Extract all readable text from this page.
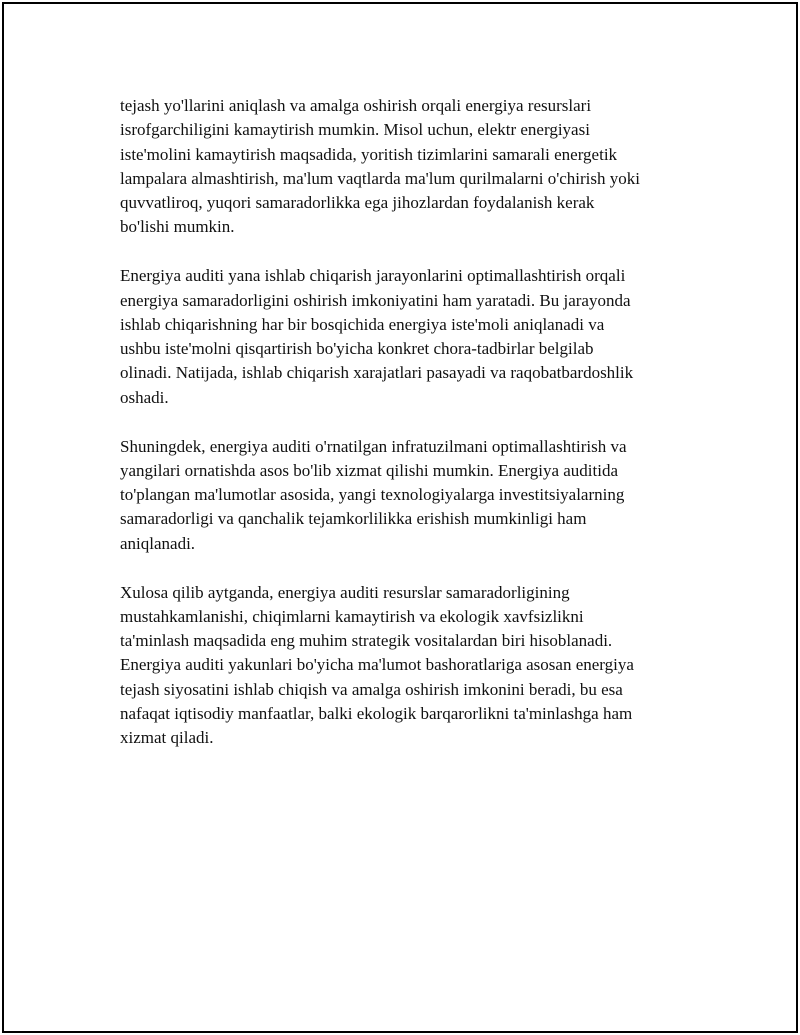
tejash yo'llarini aniqlash va amalga oshirish orqali energiya resurslari
isrofgarchiligini kamaytirish mumkin. Misol uchun, elektr energiyasi
iste'molini kamaytirish maqsadida, yoritish tizimlarini samarali energetik
lampalara almashtirish, ma'lum vaqtlarda ma'lum qurilmalarni o'chirish yoki
quvvatliroq, yuqori samaradorlikka ega jihozlardan foydalanish kerak
bo'lishi mumkin.

Energiya auditi yana ishlab chiqarish jarayonlarini optimallashtirish orqali
energiya samaradorligini oshirish imkoniyatini ham yaratadi. Bu jarayonda
ishlab chiqarishning har bir bosqichida energiya iste'moli aniqlanadi va
ushbu iste'molni qisqartirish bo'yicha konkret chora-tadbirlar belgilab
olinadi. Natijada, ishlab chiqarish xarajatlari pasayadi va raqobatbardoshlik
oshadi.

Shuningdek, energiya auditi o'rnatilgan infratuzilmani optimallashtirish va
yangilari ornatishda asos bo'lib xizmat qilishi mumkin. Energiya auditida
to'plangan ma'lumotlar asosida, yangi texnologiyalarga investitsiyalarning
samaradorligi va qanchalik tejamkorlilikka erishish mumkinligi ham
aniqlanadi.

Xulosa qilib aytganda, energiya auditi resurslar samaradorligining
mustahkamlanishi, chiqimlarni kamaytirish va ekologik xavfsizlikni
ta'minlash maqsadida eng muhim strategik vositalardan biri hisoblanadi.
Energiya auditi yakunlari bo'yicha ma'lumot bashoratlariga asosan energiya
tejash siyosatini ishlab chiqish va amalga oshirish imkonini beradi, bu esa
nafaqat iqtisodiy manfaatlar, balki ekologik barqarorlikni ta'minlashga ham
xizmat qiladi.
